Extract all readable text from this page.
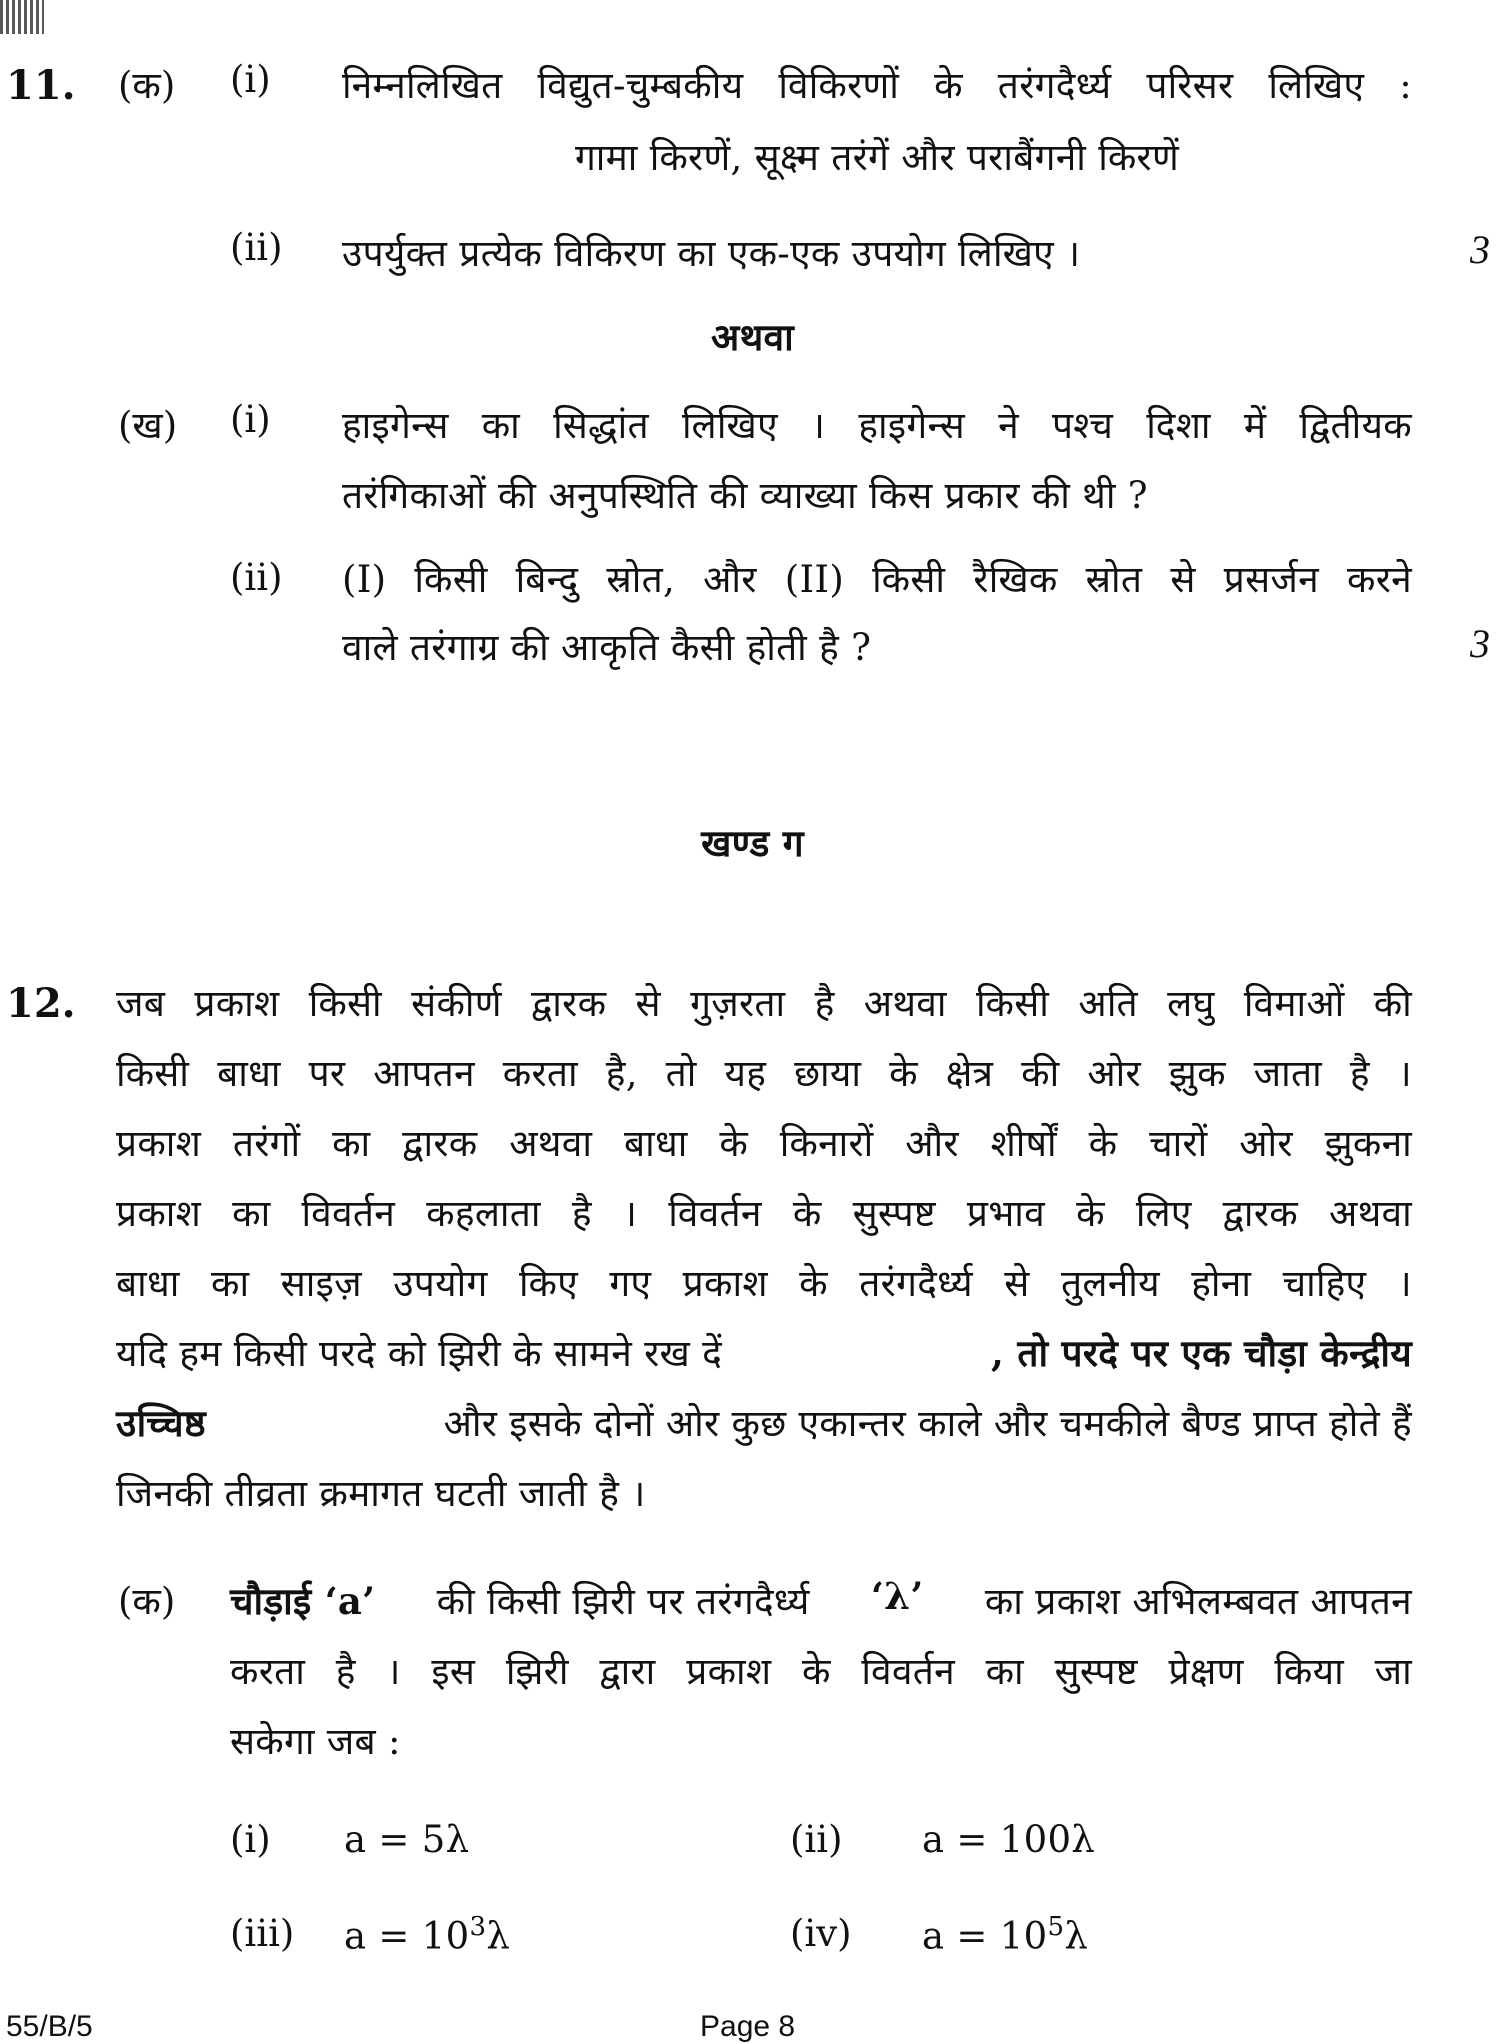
11. (क) (i) निम्नलिखित विद्युत-चुम्बकीय विकिरणों के तरंगदैर्ध्य परिसर लिखिए :
गामा किरणें, सूक्ष्म तरंगें और पराबैंगनी किरणें
(ii) उपर्युक्त प्रत्येक विकिरण का एक-एक उपयोग लिखिए ।	3
अथवा
(ख) (i) हाइगेन्स का सिद्धांत लिखिए । हाइगेन्स ने पश्च दिशा में द्वितीयक
तरंगिकाओं की अनुपस्थिति की व्याख्या किस प्रकार की थी ?
(ii) (I) किसी बिन्दु स्रोत, और (II) किसी रैखिक स्रोत से प्रसर्जन करने
वाले तरंगाग्र की आकृति कैसी होती है ?	3
खण्ड ग
12. जब प्रकाश किसी संकीर्ण द्वारक से गुज़रता है अथवा किसी अति लघु विमाओं की
किसी बाधा पर आपतन करता है, तो यह छाया के क्षेत्र की ओर झुक जाता है ।
प्रकाश तरंगों का द्वारक अथवा बाधा के किनारों और शीर्षों के चारों ओर झुकना
प्रकाश का विवर्तन कहलाता है । विवर्तन के सुस्पष्ट प्रभाव के लिए द्वारक अथवा
बाधा का साइज़ उपयोग किए गए प्रकाश के तरंगदैर्ध्य से तुलनीय होना चाहिए ।
यदि हम किसी परदे को झिरी के सामने रख दें	, तो परदे पर एक चौड़ा केन्द्रीय
उच्चिष्ठ	और इसके दोनों ओर कुछ एकान्तर काले और चमकीले बैण्ड प्राप्त होते हैं
जिनकी तीव्रता क्रमागत घटती जाती है ।
(क) चौड़ाई ‘a’ की किसी झिरी पर तरंगदैर्ध्य ‘λ’ का प्रकाश अभिलम्बवत आपतन
करता है । इस झिरी द्वारा प्रकाश के विवर्तन का सुस्पष्ट प्रेक्षण किया जा
सकेगा जब :
(i) a = 5λ	(ii) a = 100λ
(iii) $a = 10^3\lambda$	(iv) $a = 10^5\lambda$
55/B/5	Page 8
